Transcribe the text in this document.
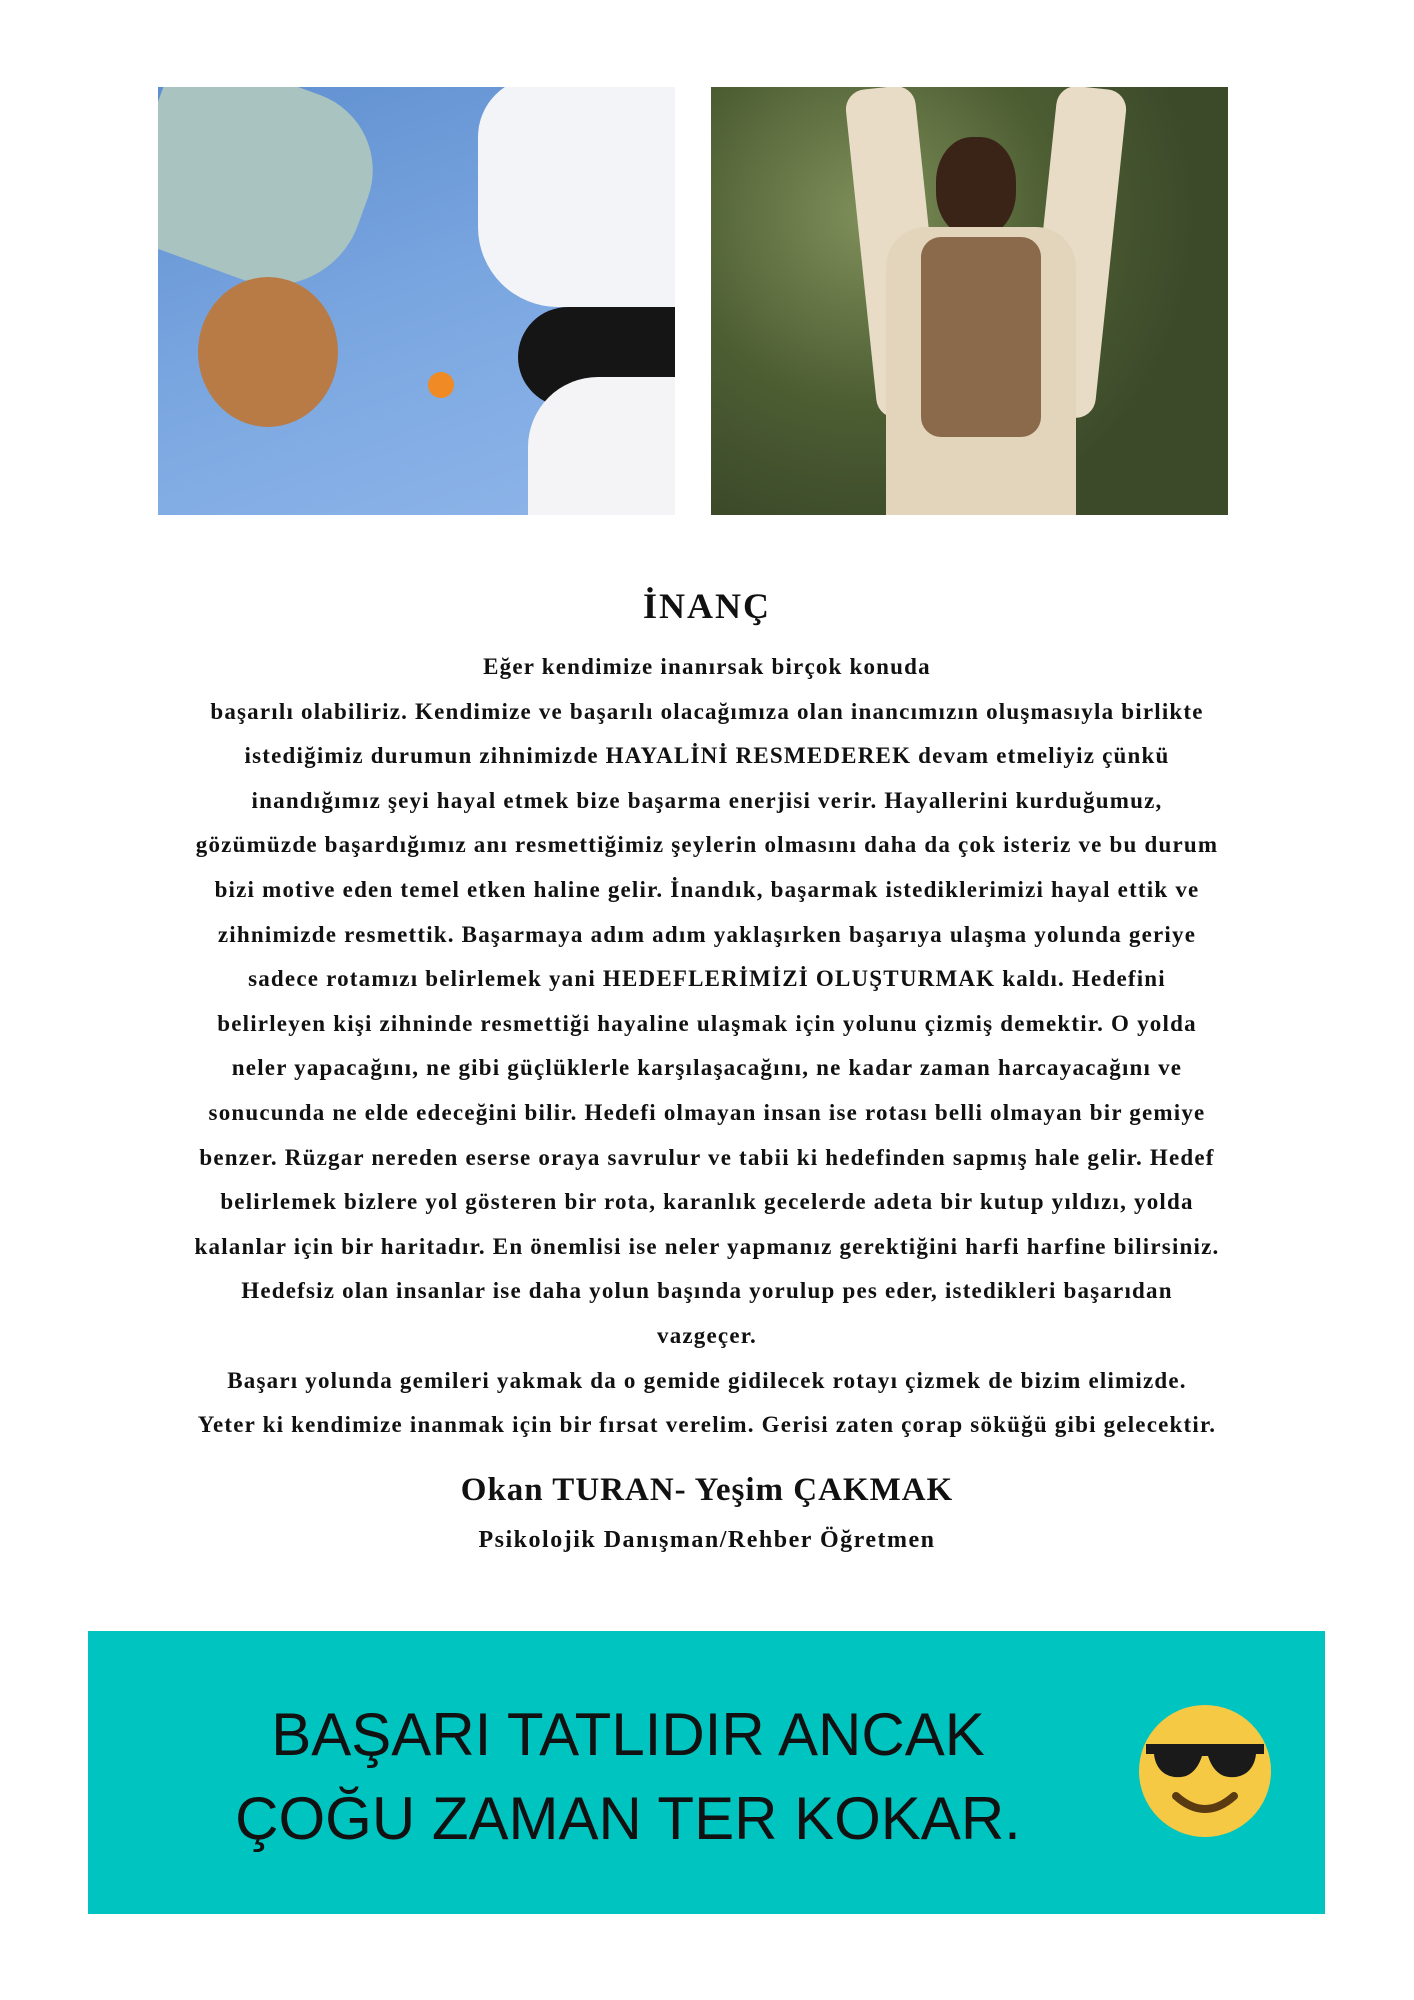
İNANÇ
Eğer kendimize inanırsak birçok konuda
başarılı olabiliriz. Kendimize ve başarılı olacağımıza olan inancımızın oluşmasıyla birlikte
istediğimiz durumun zihnimizde HAYALİNİ RESMEDEREK devam etmeliyiz çünkü
inandığımız şeyi hayal etmek bize başarma enerjisi verir. Hayallerini kurduğumuz,
gözümüzde başardığımız anı resmettiğimiz şeylerin olmasını daha da çok isteriz ve bu durum
bizi motive eden temel etken haline gelir. İnandık, başarmak istediklerimizi hayal ettik ve
zihnimizde resmettik. Başarmaya adım adım yaklaşırken başarıya ulaşma yolunda geriye
sadece rotamızı belirlemek yani HEDEFLERİMİZİ OLUŞTURMAK kaldı. Hedefini
belirleyen kişi zihninde resmettiği hayaline ulaşmak için yolunu çizmiş demektir. O yolda
neler yapacağını, ne gibi güçlüklerle karşılaşacağını, ne kadar zaman harcayacağını ve
sonucunda ne elde edeceğini bilir. Hedefi olmayan insan ise rotası belli olmayan bir gemiye
benzer. Rüzgar nereden eserse oraya savrulur ve tabii ki hedefinden sapmış hale gelir. Hedef
belirlemek bizlere yol gösteren bir rota, karanlık gecelerde adeta bir kutup yıldızı, yolda
kalanlar için bir haritadır. En önemlisi ise neler yapmanız gerektiğini harfi harfine bilirsiniz.
Hedefsiz olan insanlar ise daha yolun başında yorulup pes eder, istedikleri başarıdan
vazgeçer.
Başarı yolunda gemileri yakmak da o gemide gidilecek rotayı çizmek de bizim elimizde.
Yeter ki kendimize inanmak için bir fırsat verelim. Gerisi zaten çorap söküğü gibi gelecektir.
Okan TURAN- Yeşim ÇAKMAK
Psikolojik Danışman/Rehber Öğretmen
BAŞARI TATLIDIR ANCAK
ÇOĞU ZAMAN TER KOKAR.
